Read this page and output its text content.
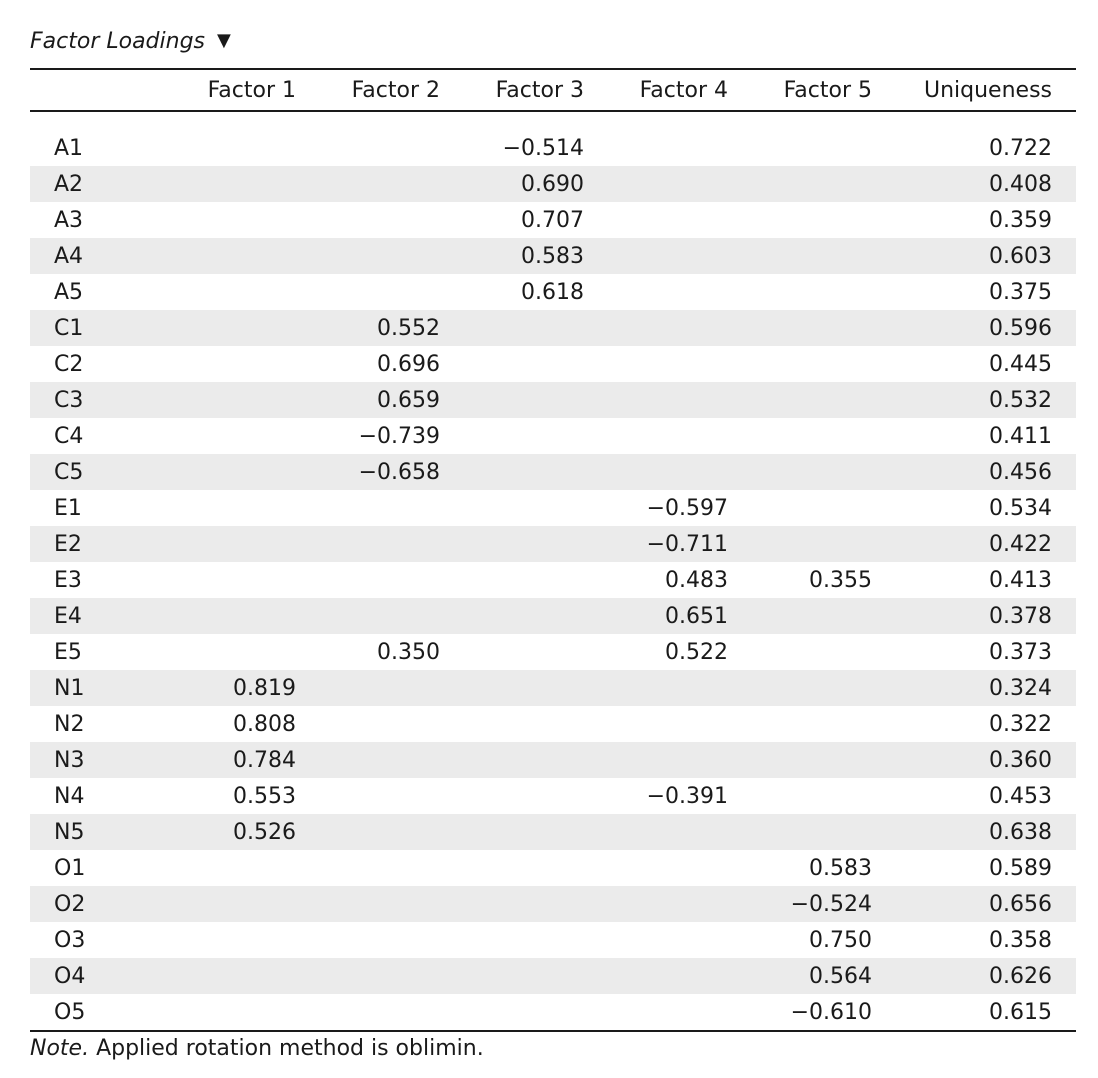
Factor Loadings ▼
	Factor 1	Factor 2	Factor 3	Factor 4	Factor 5	Uniqueness

A1			−0.514			0.722
A2			0.690			0.408
A3			0.707			0.359
A4			0.583			0.603
A5			0.618			0.375
C1		0.552				0.596
C2		0.696				0.445
C3		0.659				0.532
C4		−0.739				0.411
C5		−0.658				0.456
E1				−0.597		0.534
E2				−0.711		0.422
E3				0.483	0.355	0.413
E4				0.651		0.378
E5		0.350		0.522		0.373
N1	0.819					0.324
N2	0.808					0.322
N3	0.784					0.360
N4	0.553			−0.391		0.453
N5	0.526					0.638
O1					0.583	0.589
O2					−0.524	0.656
O3					0.750	0.358
O4					0.564	0.626
O5					−0.610	0.615
Note. Applied rotation method is oblimin.
